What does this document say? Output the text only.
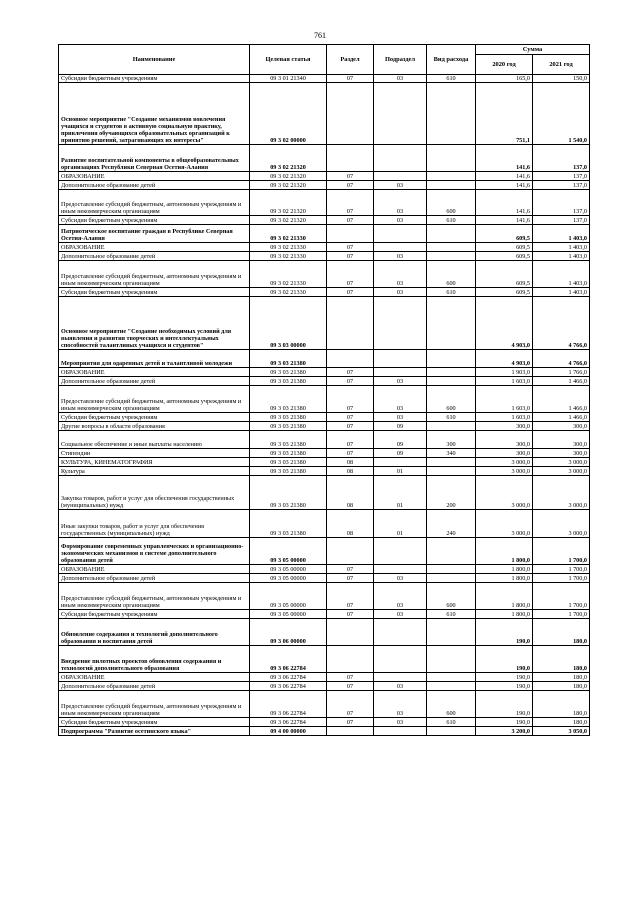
761
Наименование	Целевая статья	Раздел	Подраздел	Вид расхода	Сумма	
					2020 год	2021 год
Субсидии бюджетным учреждениям	09 3 01 21340	07	03	610	165,0	150,0
Основное мероприятие "Создание механизмов вовлечения учащихся и студентов в активную социальную практику, привлечения обучающихся образовательных организаций к принятию решений, затрагивающих их интересы"	09 3 02 00000				751,1	1 540,0
Развитие воспитательной компоненты в общеобразовательных организациях Республики Северная Осетия-Алания	09 3 02 21320				141,6	137,0
ОБРАЗОВАНИЕ	09 3 02 21320	07			141,6	137,0
Дополнительное образование детей	09 3 02 21320	07	03		141,6	137,0
Предоставление субсидий бюджетным, автономным учреждениям и иным некоммерческим организациям	09 3 02 21320	07	03	600	141,6	137,0
Субсидии бюджетным учреждениям	09 3 02 21320	07	03	610	141,6	137,0
Патриотическое воспитание граждан в Республике Северная Осетия-Алания	09 3 02 21330				609,5	1 403,0
ОБРАЗОВАНИЕ	09 3 02 21330	07			609,5	1 403,0
Дополнительное образование детей	09 3 02 21330	07	03		609,5	1 403,0
Предоставление субсидий бюджетным, автономным учреждениям и иным некоммерческим организациям	09 3 02 21330	07	03	600	609,5	1 403,0
Субсидии бюджетным учреждениям	09 3 02 21330	07	03	610	609,5	1 403,0
Основное мероприятие "Создание необходимых условий для выявления и развития творческих и интеллектуальных способностей талантливых учащихся и студентов"	09 3 03 00000				4 903,0	4 766,0
Мероприятия для одаренных детей и талантливой молодежи	09 3 03 21380				4 903,0	4 766,0
ОБРАЗОВАНИЕ	09 3 03 21380	07			1 903,0	1 766,0
Дополнительное образование детей	09 3 03 21380	07	03		1 603,0	1 466,0
Предоставление субсидий бюджетным, автономным учреждениям и иным некоммерческим организациям	09 3 03 21380	07	03	600	1 603,0	1 466,0
Субсидии бюджетным учреждениям	09 3 03 21380	07	03	610	1 603,0	1 466,0
Другие вопросы в области образования	09 3 03 21380	07	09		300,0	300,0
Социальное обеспечение и иные выплаты населению	09 3 03 21380	07	09	300	300,0	300,0
Стипендии	09 3 03 21380	07	09	340	300,0	300,0
КУЛЬТУРА, КИНЕМАТОГРАФИЯ	09 3 03 21380	08			3 000,0	3 000,0
Культура	09 3 03 21380	08	01		3 000,0	3 000,0
Закупка товаров, работ и услуг для обеспечения государственных (муниципальных) нужд	09 3 03 21380	08	01	200	3 000,0	3 000,0
Иные закупки товаров, работ и услуг для обеспечения государственных (муниципальных) нужд	09 3 03 21380	08	01	240	3 000,0	3 000,0
Формирование современных управленческих и организационно-экономических механизмов в системе дополнительного образования детей	09 3 05 00000				1 800,0	1 700,0
ОБРАЗОВАНИЕ	09 3 05 00000	07			1 800,0	1 700,0
Дополнительное образование детей	09 3 05 00000	07	03		1 800,0	1 700,0
Предоставление субсидий бюджетным, автономным учреждениям и иным некоммерческим организациям	09 3 05 00000	07	03	600	1 800,0	1 700,0
Субсидии бюджетным учреждениям	09 3 05 00000	07	03	610	1 800,0	1 700,0
Обновление содержания и технологий дополнительного образования и воспитания детей	09 3 06 00000				190,0	180,0
Внедрение пилотных проектов обновления содержания и технологий дополнительного образования	09 3 06 22784				190,0	180,0
ОБРАЗОВАНИЕ	09 3 06 22784	07			190,0	180,0
Дополнительное образование детей	09 3 06 22784	07	03		190,0	180,0
Предоставление субсидий бюджетным, автономным учреждениям и иным некоммерческим организациям	09 3 06 22784	07	03	600	190,0	180,0
Субсидии бюджетным учреждениям	09 3 06 22784	07	03	610	190,0	180,0
Подпрограмма "Развитие осетинского языка"	09 4 00 00000				3 200,0	3 050,0
